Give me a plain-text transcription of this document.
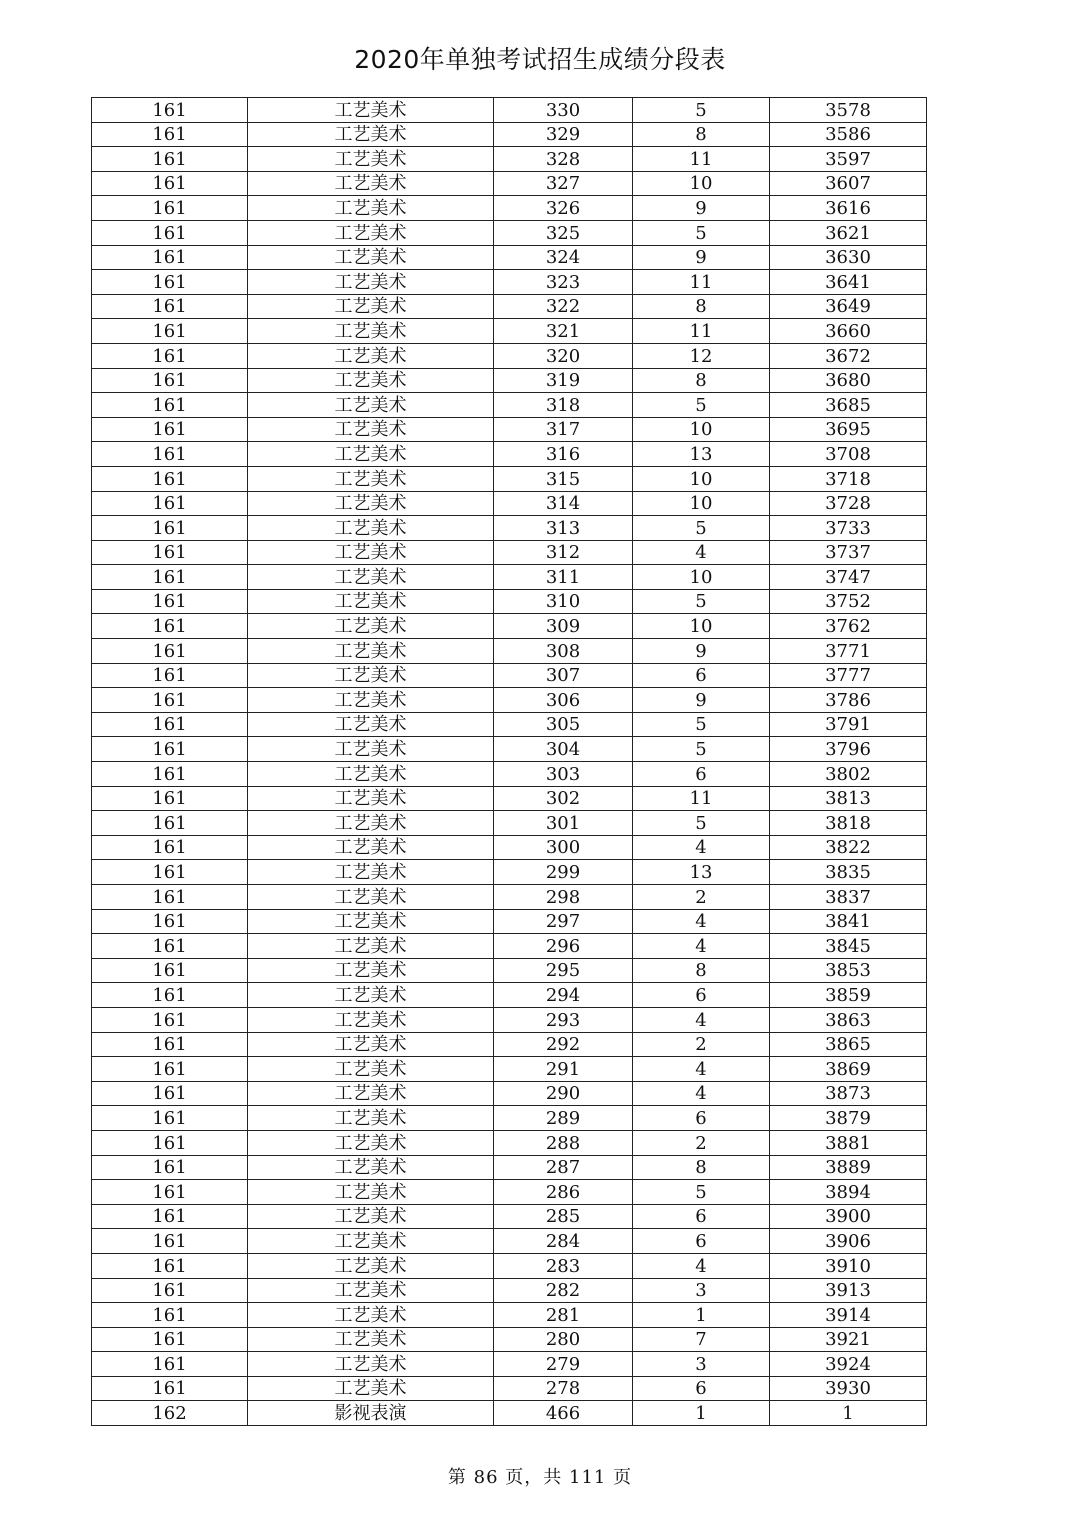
2020年单独考试招生成绩分段表
161	工艺美术	330	5	3578
161	工艺美术	329	8	3586
161	工艺美术	328	11	3597
161	工艺美术	327	10	3607
161	工艺美术	326	9	3616
161	工艺美术	325	5	3621
161	工艺美术	324	9	3630
161	工艺美术	323	11	3641
161	工艺美术	322	8	3649
161	工艺美术	321	11	3660
161	工艺美术	320	12	3672
161	工艺美术	319	8	3680
161	工艺美术	318	5	3685
161	工艺美术	317	10	3695
161	工艺美术	316	13	3708
161	工艺美术	315	10	3718
161	工艺美术	314	10	3728
161	工艺美术	313	5	3733
161	工艺美术	312	4	3737
161	工艺美术	311	10	3747
161	工艺美术	310	5	3752
161	工艺美术	309	10	3762
161	工艺美术	308	9	3771
161	工艺美术	307	6	3777
161	工艺美术	306	9	3786
161	工艺美术	305	5	3791
161	工艺美术	304	5	3796
161	工艺美术	303	6	3802
161	工艺美术	302	11	3813
161	工艺美术	301	5	3818
161	工艺美术	300	4	3822
161	工艺美术	299	13	3835
161	工艺美术	298	2	3837
161	工艺美术	297	4	3841
161	工艺美术	296	4	3845
161	工艺美术	295	8	3853
161	工艺美术	294	6	3859
161	工艺美术	293	4	3863
161	工艺美术	292	2	3865
161	工艺美术	291	4	3869
161	工艺美术	290	4	3873
161	工艺美术	289	6	3879
161	工艺美术	288	2	3881
161	工艺美术	287	8	3889
161	工艺美术	286	5	3894
161	工艺美术	285	6	3900
161	工艺美术	284	6	3906
161	工艺美术	283	4	3910
161	工艺美术	282	3	3913
161	工艺美术	281	1	3914
161	工艺美术	280	7	3921
161	工艺美术	279	3	3924
161	工艺美术	278	6	3930
162	影视表演	466	1	1
第 86 页，共 111 页
